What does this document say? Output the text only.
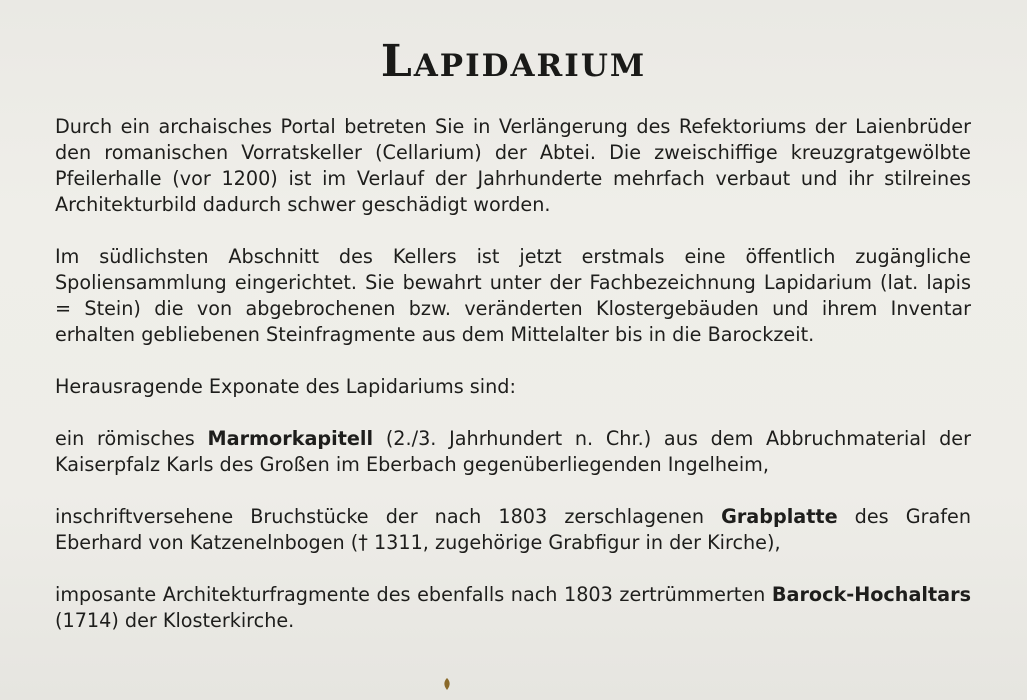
Lapidarium

Durch ein archaisches Portal betreten Sie in Verlängerung des Refektoriums der Laienbrüder den romanischen Vorratskeller (Cellarium) der Abtei. Die zweischiffige kreuzgratgewölbte Pfeilerhalle (vor 1200) ist im Verlauf der Jahrhunderte mehrfach verbaut und ihr stilreines Architekturbild dadurch schwer geschädigt worden.

Im südlichsten Abschnitt des Kellers ist jetzt erstmals eine öffentlich zugängliche Spoliensammlung eingerichtet. Sie bewahrt unter der Fachbezeichnung Lapidarium (lat. lapis = Stein) die von abgebrochenen bzw. veränderten Klostergebäuden und ihrem Inventar erhalten gebliebenen Steinfragmente aus dem Mittelalter bis in die Barockzeit.

Herausragende Exponate des Lapidariums sind:

ein römisches Marmorkapitell (2./3. Jahrhundert n. Chr.) aus dem Abbruchmaterial der Kaiserpfalz Karls des Großen im Eberbach gegenüberliegenden Ingelheim,

inschriftversehene Bruchstücke der nach 1803 zerschlagenen Grabplatte des Grafen Eberhard von Katzenelnbogen († 1311, zugehörige Grabfigur in der Kirche),

imposante Architekturfragmente des ebenfalls nach 1803 zertrümmerten Barock-Hochaltars (1714) der Klosterkirche.
